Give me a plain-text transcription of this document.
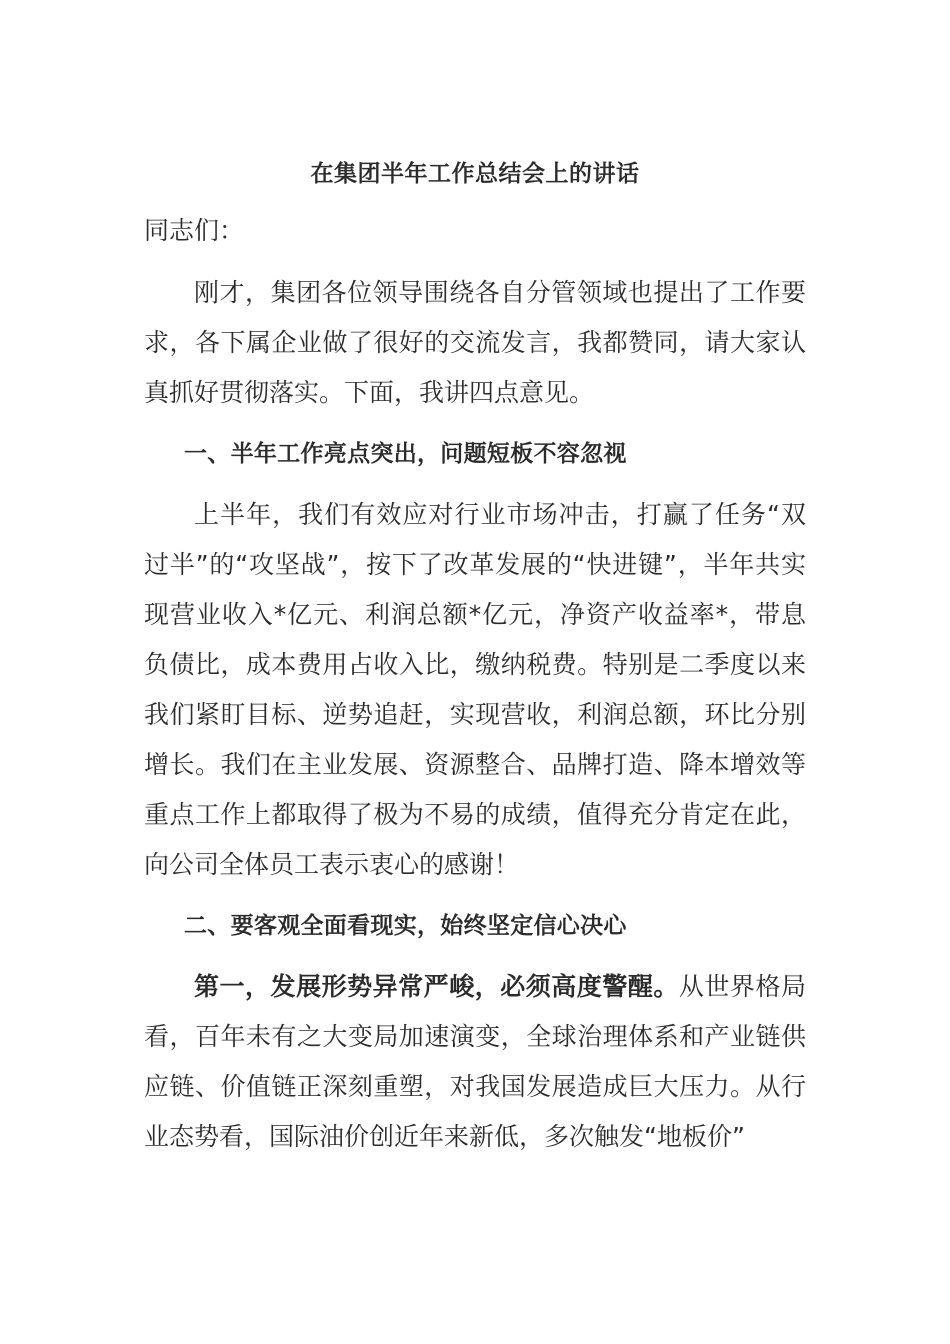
在集团半年工作总结会上的讲话

同志们：

刚才，集团各位领导围绕各自分管领域也提出了工作要求，各下属企业做了很好的交流发言，我都赞同，请大家认真抓好贯彻落实。下面，我讲四点意见。

一、半年工作亮点突出，问题短板不容忽视

上半年，我们有效应对行业市场冲击，打赢了任务“双过半”的“攻坚战”，按下了改革发展的“快进键”，半年共实现营业收入*亿元、利润总额*亿元，净资产收益率*，带息负债比，成本费用占收入比，缴纳税费。特别是二季度以来我们紧盯目标、逆势追赶，实现营收，利润总额，环比分别增长。我们在主业发展、资源整合、品牌打造、降本增效等重点工作上都取得了极为不易的成绩，值得充分肯定在此，向公司全体员工表示衷心的感谢！

二、要客观全面看现实，始终坚定信心决心

第一，发展形势异常严峻，必须高度警醒。从世界格局看，百年未有之大变局加速演变，全球治理体系和产业链供应链、价值链正深刻重塑，对我国发展造成巨大压力。从行业态势看，国际油价创近年来新低，多次触发“地板价”
